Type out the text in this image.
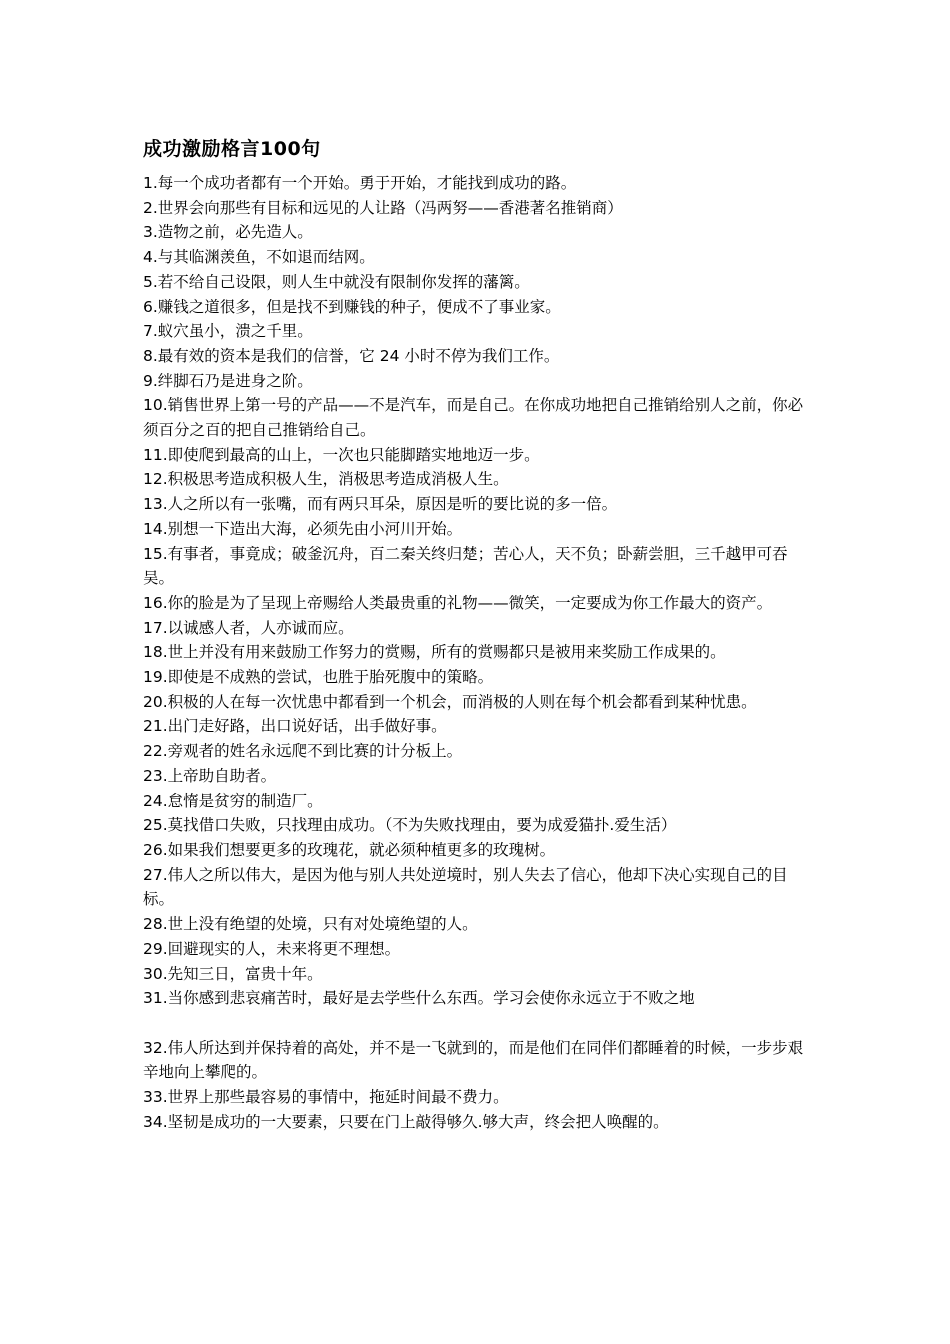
成功激励格言100句
1.每一个成功者都有一个开始。勇于开始，才能找到成功的路。
2.世界会向那些有目标和远见的人让路（冯两努——香港著名推销商）
3.造物之前，必先造人。
4.与其临渊羡鱼，不如退而结网。
5.若不给自己设限，则人生中就没有限制你发挥的藩篱。
6.赚钱之道很多，但是找不到赚钱的种子，便成不了事业家。
7.蚁穴虽小，溃之千里。
8.最有效的资本是我们的信誉，它 24 小时不停为我们工作。
9.绊脚石乃是进身之阶。
10.销售世界上第一号的产品——不是汽车，而是自己。在你成功地把自己推销给别人之前，你必须百分之百的把自己推销给自己。
11.即使爬到最高的山上，一次也只能脚踏实地地迈一步。
12.积极思考造成积极人生，消极思考造成消极人生。
13.人之所以有一张嘴，而有两只耳朵，原因是听的要比说的多一倍。
14.别想一下造出大海，必须先由小河川开始。
15.有事者，事竟成；破釜沉舟，百二秦关终归楚；苦心人，天不负；卧薪尝胆，三千越甲可吞吴。
16.你的脸是为了呈现上帝赐给人类最贵重的礼物——微笑，一定要成为你工作最大的资产。
17.以诚感人者，人亦诚而应。
18.世上并没有用来鼓励工作努力的赏赐，所有的赏赐都只是被用来奖励工作成果的。
19.即使是不成熟的尝试，也胜于胎死腹中的策略。
20.积极的人在每一次忧患中都看到一个机会，而消极的人则在每个机会都看到某种忧患。
21.出门走好路，出口说好话，出手做好事。
22.旁观者的姓名永远爬不到比赛的计分板上。
23.上帝助自助者。
24.怠惰是贫穷的制造厂。
25.莫找借口失败，只找理由成功。（不为失败找理由，要为成爱猫扑.爱生活）
26.如果我们想要更多的玫瑰花，就必须种植更多的玫瑰树。
27.伟人之所以伟大，是因为他与别人共处逆境时，别人失去了信心，他却下决心实现自己的目标。
28.世上没有绝望的处境，只有对处境绝望的人。
29.回避现实的人，未来将更不理想。
30.先知三日，富贵十年。
31.当你感到悲哀痛苦时，最好是去学些什么东西。学习会使你永远立于不败之地
32.伟人所达到并保持着的高处，并不是一飞就到的，而是他们在同伴们都睡着的时候，一步步艰辛地向上攀爬的。
33.世界上那些最容易的事情中，拖延时间最不费力。
34.坚韧是成功的一大要素，只要在门上敲得够久.够大声，终会把人唤醒的。
